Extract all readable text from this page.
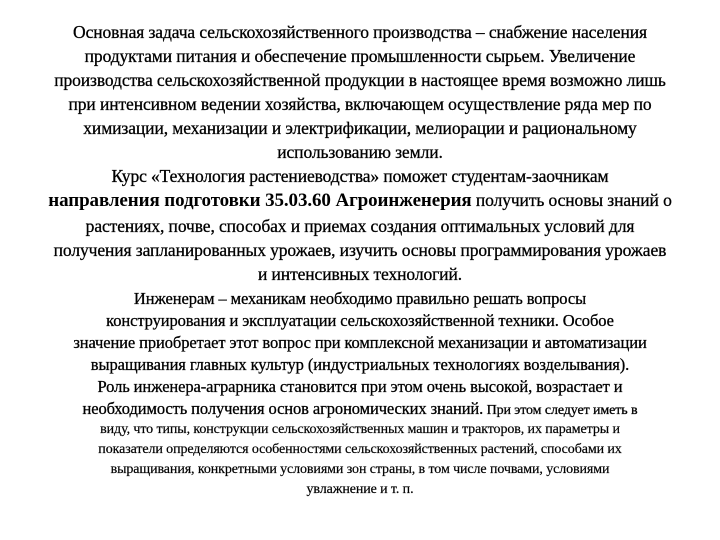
Основная задача сельскохозяйственного производства – снабжение населения

продуктами питания и обеспечение промышленности сырьем. Увеличение

производства сельскохозяйственной продукции в настоящее время возможно лишь

при интенсивном ведении хозяйства, включающем осуществление ряда мер по

химизации, механизации и электрификации, мелиорации и рациональному

использованию земли.

Курс «Технология растениеводства» поможет студентам-заочникам

направления подготовки 35.03.60 Агроинженерия получить основы знаний о

растениях, почве, способах и приемах создания оптимальных условий для

получения запланированных урожаев, изучить основы программирования урожаев

и интенсивных технологий.

Инженерам – механикам необходимо правильно решать вопросы

конструирования и эксплуатации сельскохозяйственной техники. Особое

значение приобретает этот вопрос при комплексной механизации и автоматизации

выращивания главных культур (индустриальных технологиях возделывания).

Роль инженера-аграрника становится при этом очень высокой, возрастает и

необходимость получения основ агрономических знаний. При этом следует иметь в

виду, что типы, конструкции сельскохозяйственных машин и тракторов, их параметры и

показатели определяются особенностями сельскохозяйственных растений, способами их

выращивания, конкретными условиями зон страны, в том числе почвами, условиями

увлажнение и т. п.
